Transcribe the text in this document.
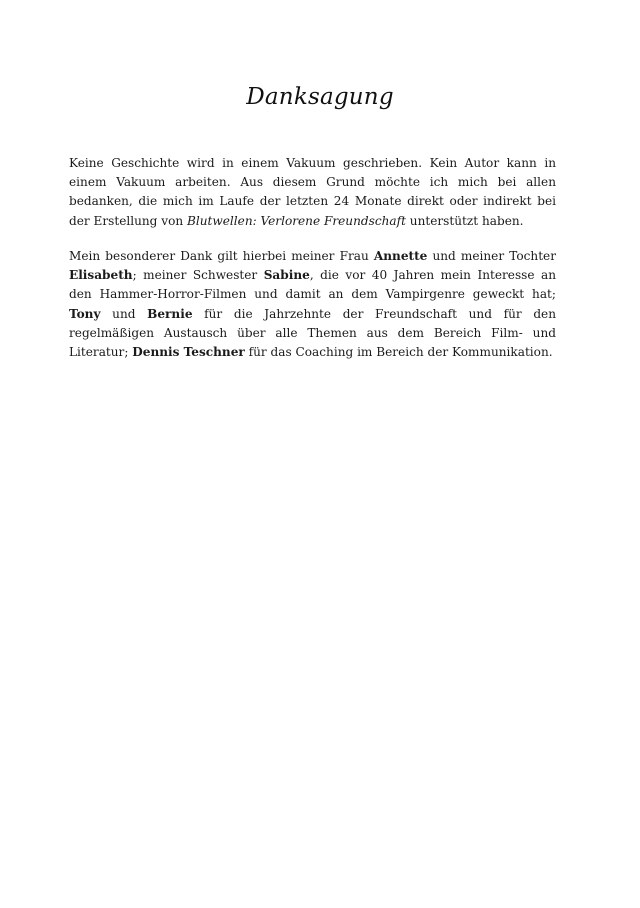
Danksagung

Keine Geschichte wird in einem Vakuum geschrieben. Kein Autor kann in einem Vakuum arbeiten. Aus diesem Grund möchte ich mich bei allen bedanken, die mich im Laufe der letzten 24 Monate direkt oder indirekt bei der Erstellung von Blutwellen: Verlorene Freundschaft unterstützt haben.

Mein besonderer Dank gilt hierbei meiner Frau Annette und meiner Tochter Elisabeth; meiner Schwester Sabine, die vor 40 Jahren mein Interesse an den Hammer-Horror-Filmen und damit an dem Vampirgenre geweckt hat; Tony und Bernie für die Jahrzehnte der Freundschaft und für den regelmäßigen Austausch über alle Themen aus dem Bereich Film- und Literatur; Dennis Teschner für das Coaching im Bereich der Kommunikation.
